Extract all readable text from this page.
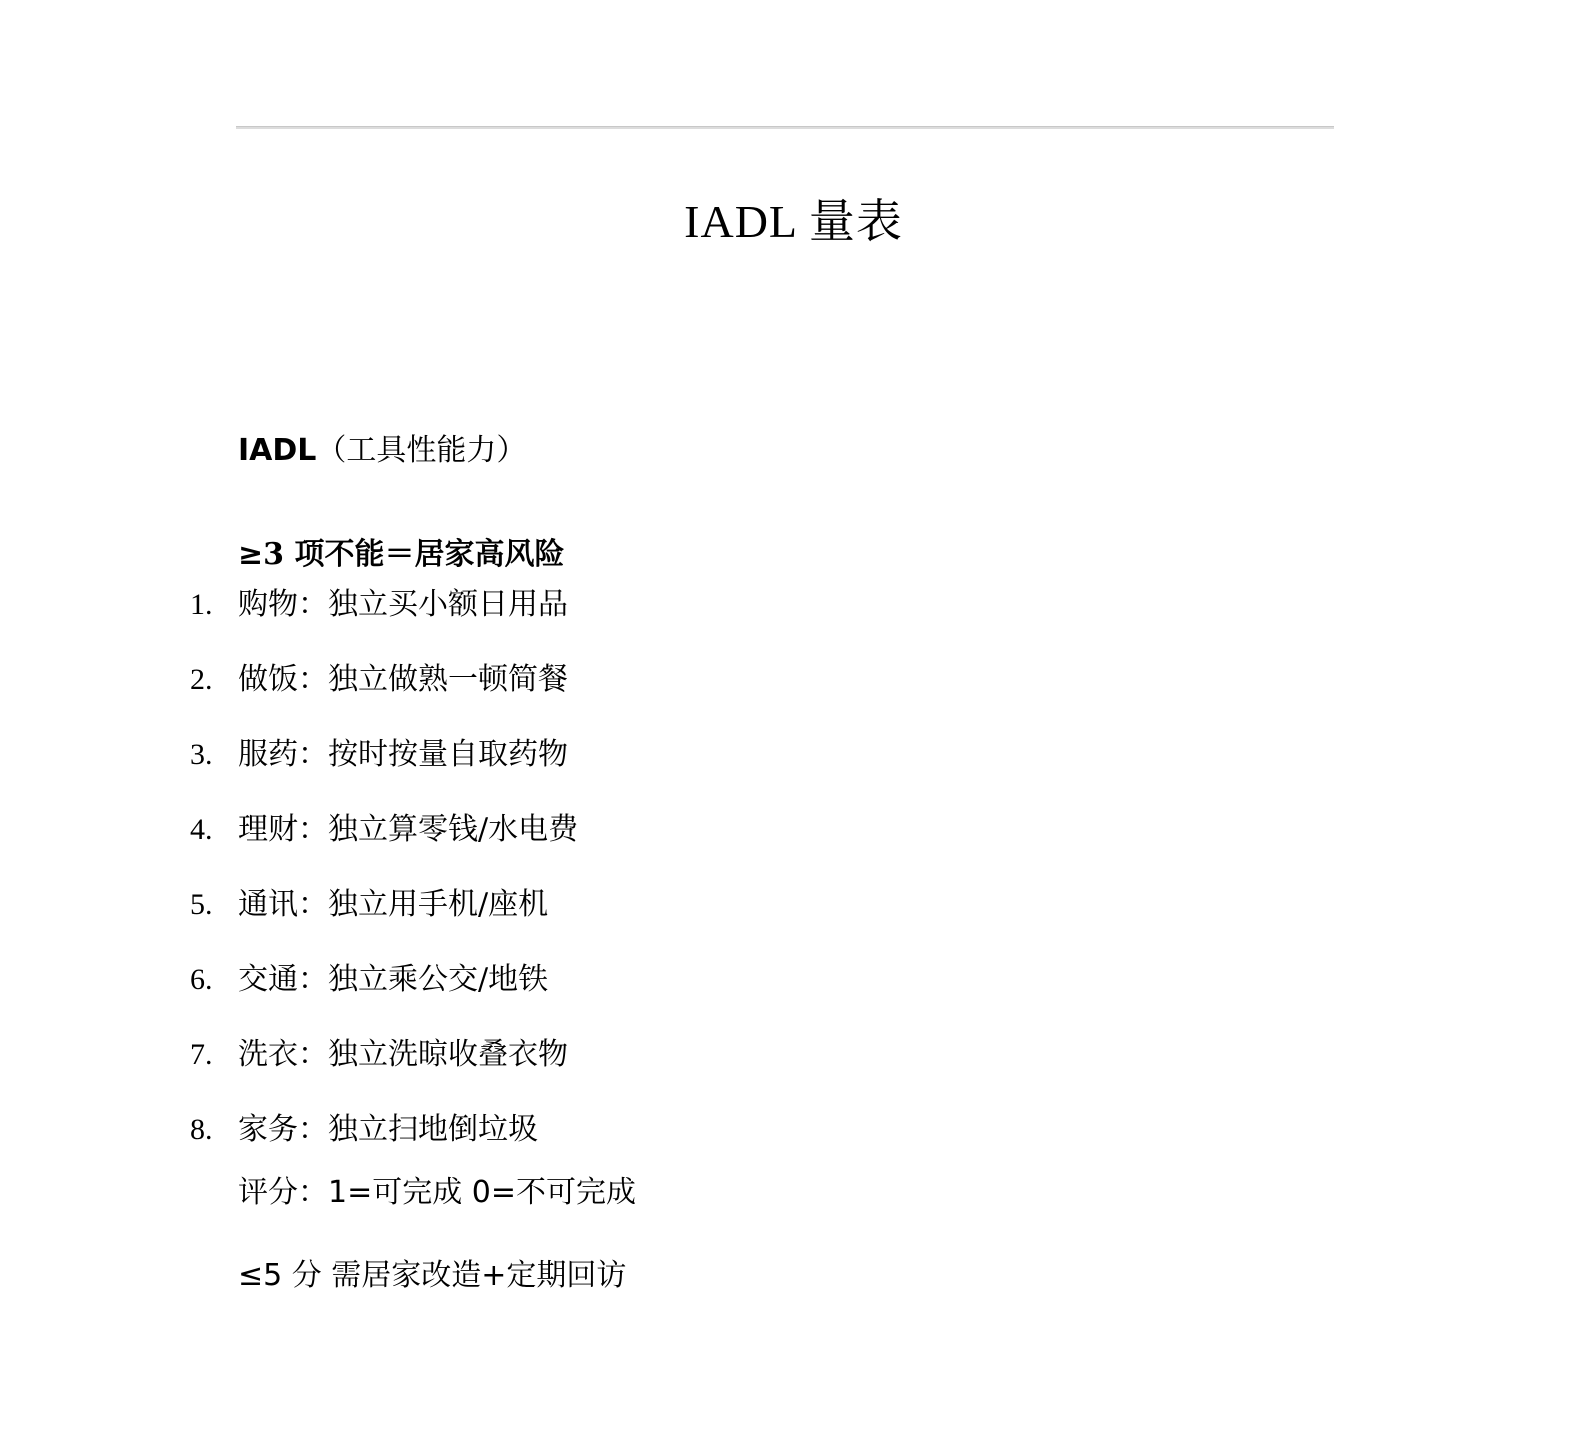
IADL 量表
IADL（工具性能力）
≥3 项不能＝居家高风险
1. 购物：独立买小额日用品
2. 做饭：独立做熟一顿简餐
3. 服药：按时按量自取药物
4. 理财：独立算零钱/水电费
5. 通讯：独立用手机/座机
6. 交通：独立乘公交/地铁
7. 洗衣：独立洗晾收叠衣物
8. 家务：独立扫地倒垃圾
评分：1=可完成 0=不可完成
≤5 分 需居家改造+定期回访
